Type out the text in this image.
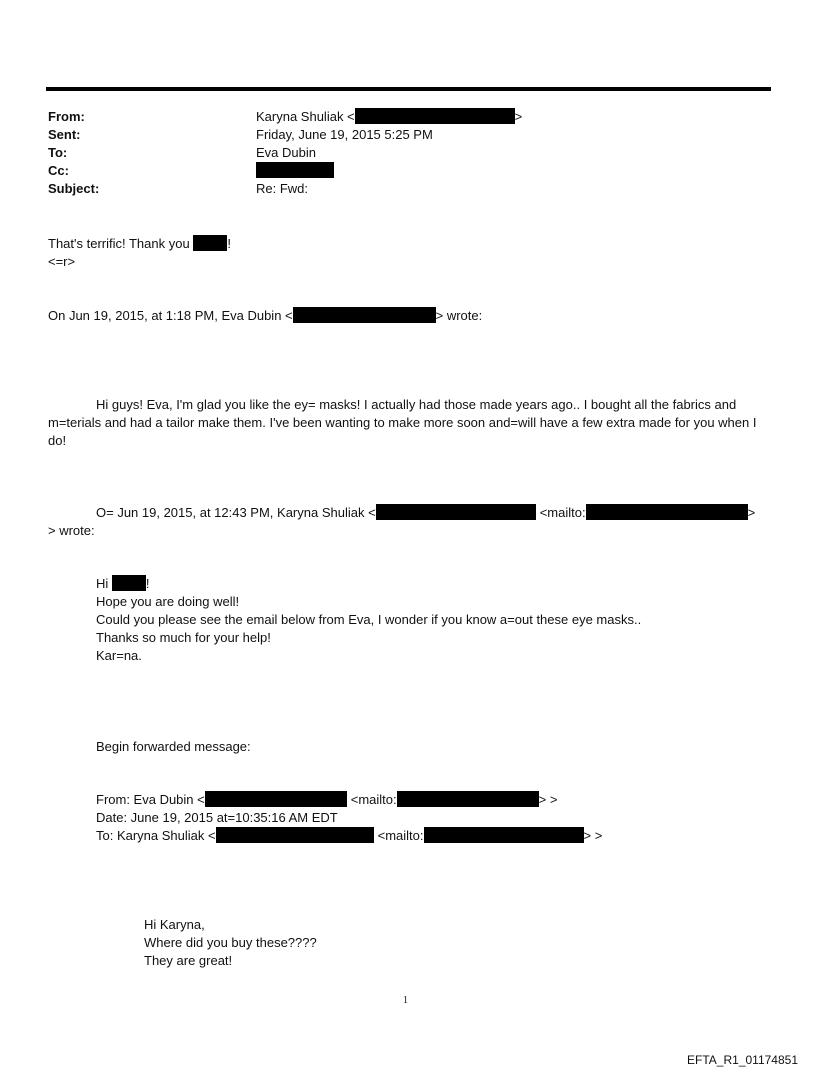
From:	Karyna Shuliak <	>
Sent:	Friday, June 19, 2015 5:25 PM
To:	Eva Dubin
Cc:
Subject:	Re: Fwd:
That's terrific! Thank you	!
<=r>
On Jun 19, 2015, at 1:18 PM, Eva Dubin <	> wrote:
Hi guys! Eva, I'm glad you like the ey= masks! I actually had those made years ago.. I bought all the fabrics and m=terials and had a tailor make them. I've been wanting to make more soon and=will have a few extra made for you when I do!
O= Jun 19, 2015, at 12:43 PM, Karyna Shuliak <	<mailto:	>
> wrote:
Hi	!
Hope you are doing well!
Could you please see the email below from Eva, I wonder if you know a=out these eye masks..
Thanks so much for your help!
Kar=na.
Begin forwarded message:
From: Eva Dubin <	<mailto:	> >
Date: June 19, 2015 at=10:35:16 AM EDT
To: Karyna Shuliak <	<mailto:	> >
Hi Karyna,
Where did you buy these????
They are great!
1
EFTA_R1_01174851
